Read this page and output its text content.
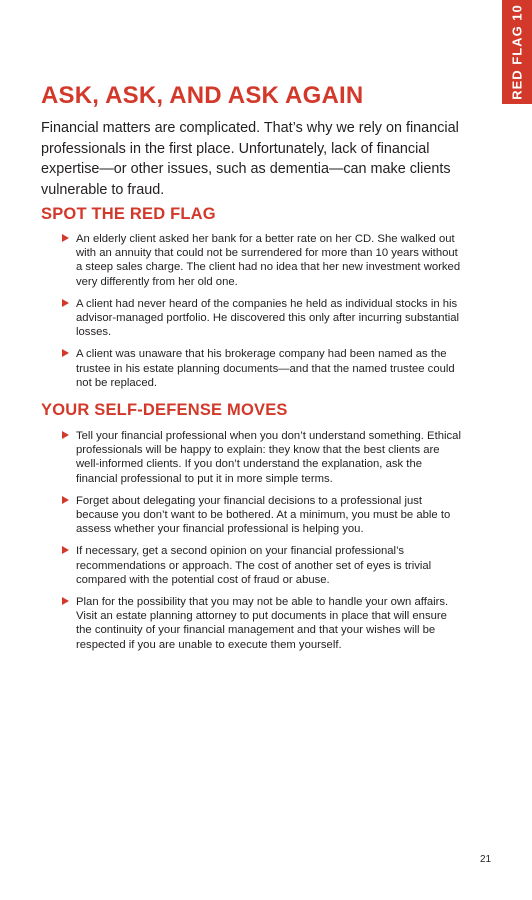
RED FLAG 10
ASK, ASK, AND ASK AGAIN

Financial matters are complicated. That’s why we rely on financial professionals in the first place. Unfortunately, lack of financial expertise—or other issues, such as dementia—can make clients vulnerable to fraud.

SPOT THE RED FLAG
An elderly client asked her bank for a better rate on her CD. She walked out with an annuity that could not be surrendered for more than 10 years without a steep sales charge. The client had no idea that her new investment worked very differently from her old one.
A client had never heard of the companies he held as individual stocks in his advisor-managed portfolio. He discovered this only after incurring substantial losses.
A client was unaware that his brokerage company had been named as the trustee in his estate planning documents—and that the named trustee could not be replaced.
YOUR SELF-DEFENSE MOVES
Tell your financial professional when you don’t understand something. Ethical professionals will be happy to explain: they know that the best clients are well-informed clients. If you don’t understand the explanation, ask the financial professional to put it in more simple terms.
Forget about delegating your financial decisions to a professional just because you don’t want to be bothered. At a minimum, you must be able to assess whether your financial professional is helping you.
If necessary, get a second opinion on your financial professional’s recommendations or approach. The cost of another set of eyes is trivial compared with the potential cost of fraud or abuse.
Plan for the possibility that you may not be able to handle your own affairs. Visit an estate planning attorney to put documents in place that will ensure the continuity of your financial management and that your wishes will be respected if you are unable to execute them yourself.
21
